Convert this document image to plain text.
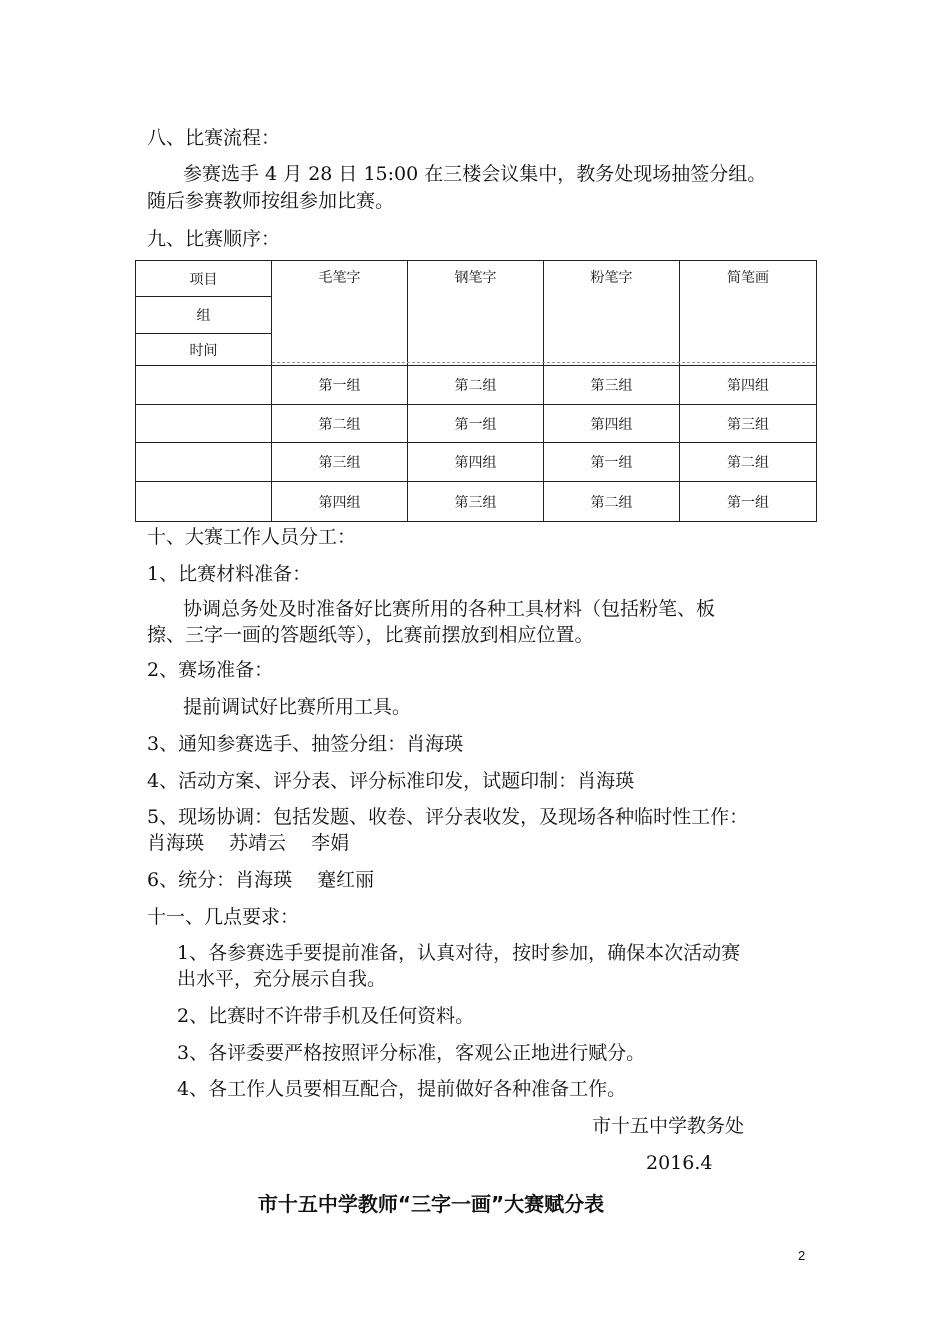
八、比赛流程：
参赛选手 4 月 28 日 15:00 在三楼会议集中，教务处现场抽签分组。
随后参赛教师按组参加比赛。
九、比赛顺序：
项目	毛笔字	钢笔字	粉笔字	简笔画
组				
时间				
	第一组	第二组	第三组	第四组
	第二组	第一组	第四组	第三组
	第三组	第四组	第一组	第二组
	第四组	第三组	第二组	第一组
十、大赛工作人员分工：
1、比赛材料准备：
协调总务处及时准备好比赛所用的各种工具材料（包括粉笔、板
擦、三字一画的答题纸等），比赛前摆放到相应位置。
2、赛场准备：
提前调试好比赛所用工具。
3、通知参赛选手、抽签分组：肖海瑛
4、活动方案、评分表、评分标准印发，试题印制：肖海瑛
5、现场协调：包括发题、收卷、评分表收发，及现场各种临时性工作：
肖海瑛　 苏靖云　 李娟
6、统分：肖海瑛　 蹇红丽
十一、几点要求：
1、各参赛选手要提前准备，认真对待，按时参加，确保本次活动赛
出水平，充分展示自我。
2、比赛时不许带手机及任何资料。
3、各评委要严格按照评分标准，客观公正地进行赋分。
4、各工作人员要相互配合，提前做好各种准备工作。
市十五中学教务处
2016.4
市十五中学教师“三字一画”大赛赋分表
2
